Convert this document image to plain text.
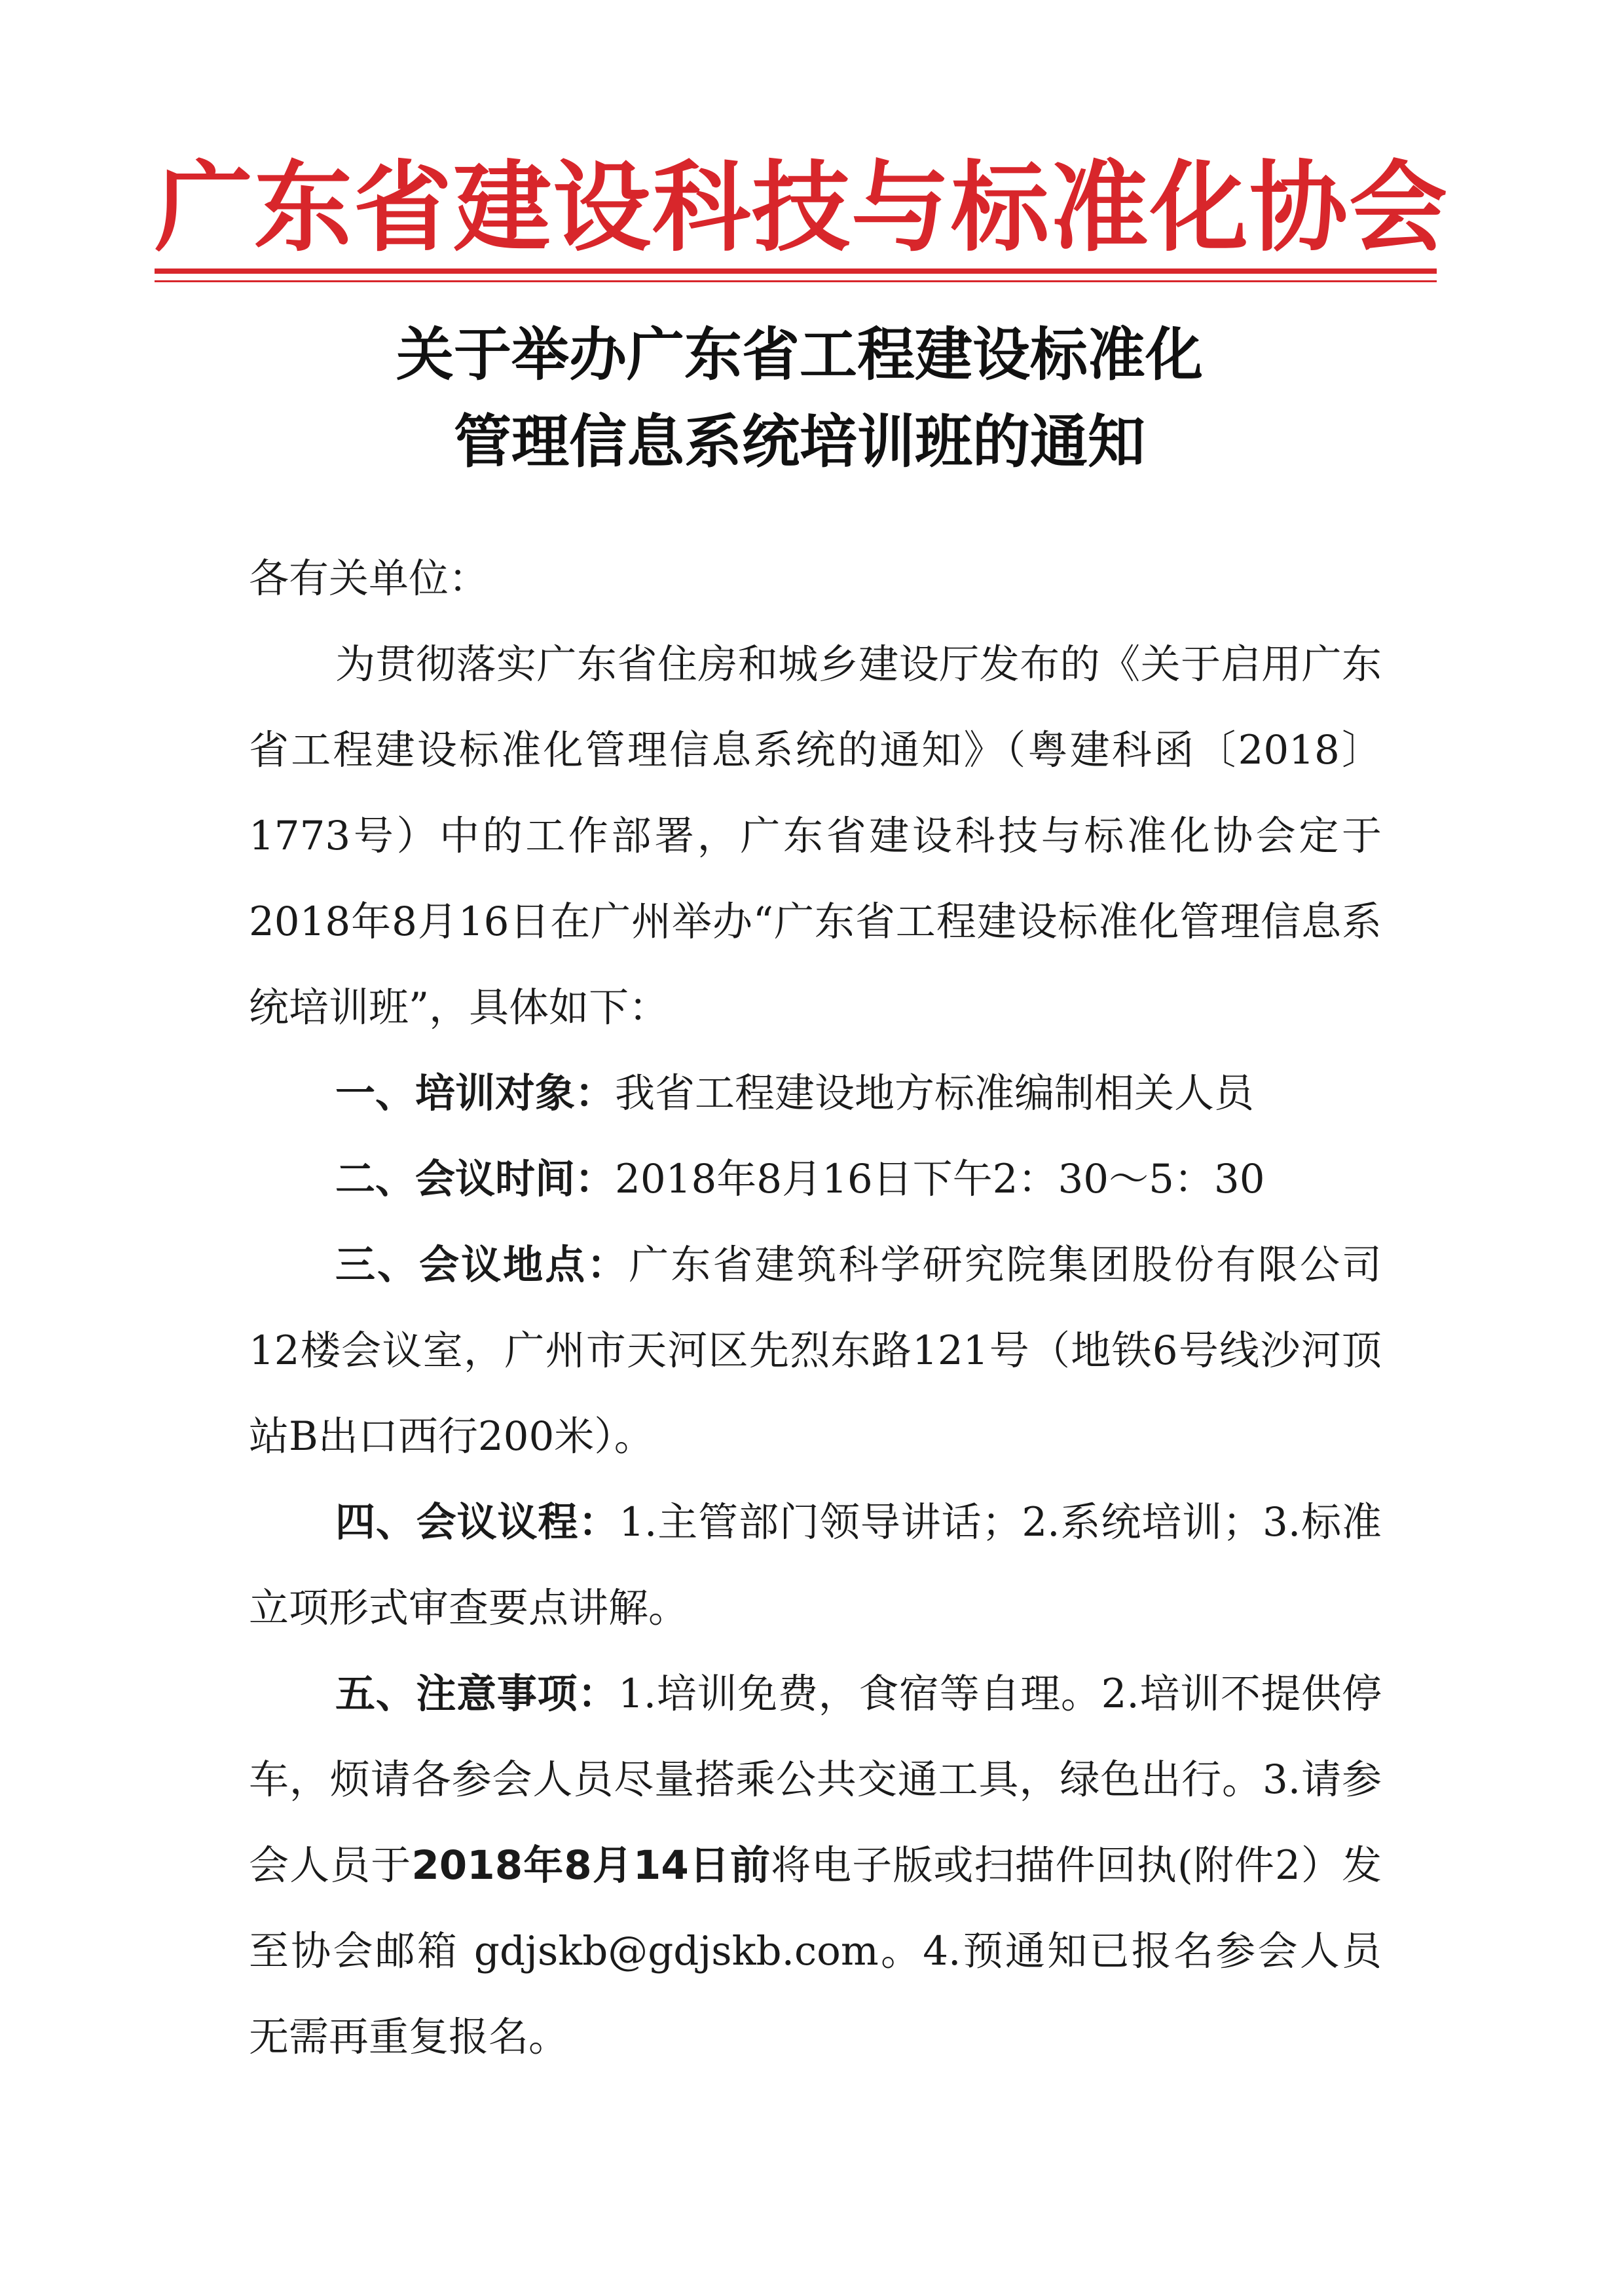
广东省建设科技与标准化协会
关于举办广东省工程建设标准化
管理信息系统培训班的通知

各有关单位：

为贯彻落实广东省住房和城乡建设厅发布的《关于启用广东省工程建设标准化管理信息系统的通知》（粤建科函〔2018〕1773号）中的工作部署，广东省建设科技与标准化协会定于2018年8月16日在广州举办“广东省工程建设标准化管理信息系统培训班”，具体如下：

一、培训对象：我省工程建设地方标准编制相关人员

二、会议时间：2018年8月16日下午2：30～5：30

三、会议地点：广东省建筑科学研究院集团股份有限公司12楼会议室，广州市天河区先烈东路121号（地铁6号线沙河顶站B出口西行200米）。

四、会议议程：1.主管部门领导讲话；2.系统培训；3.标准立项形式审查要点讲解。

五、注意事项：1.培训免费，食宿等自理。2.培训不提供停车，烦请各参会人员尽量搭乘公共交通工具，绿色出行。3.请参会人员于2018年8月14日前将电子版或扫描件回执(附件2）发至协会邮箱 gdjskb@gdjskb.com。4.预通知已报名参会人员无需再重复报名。
